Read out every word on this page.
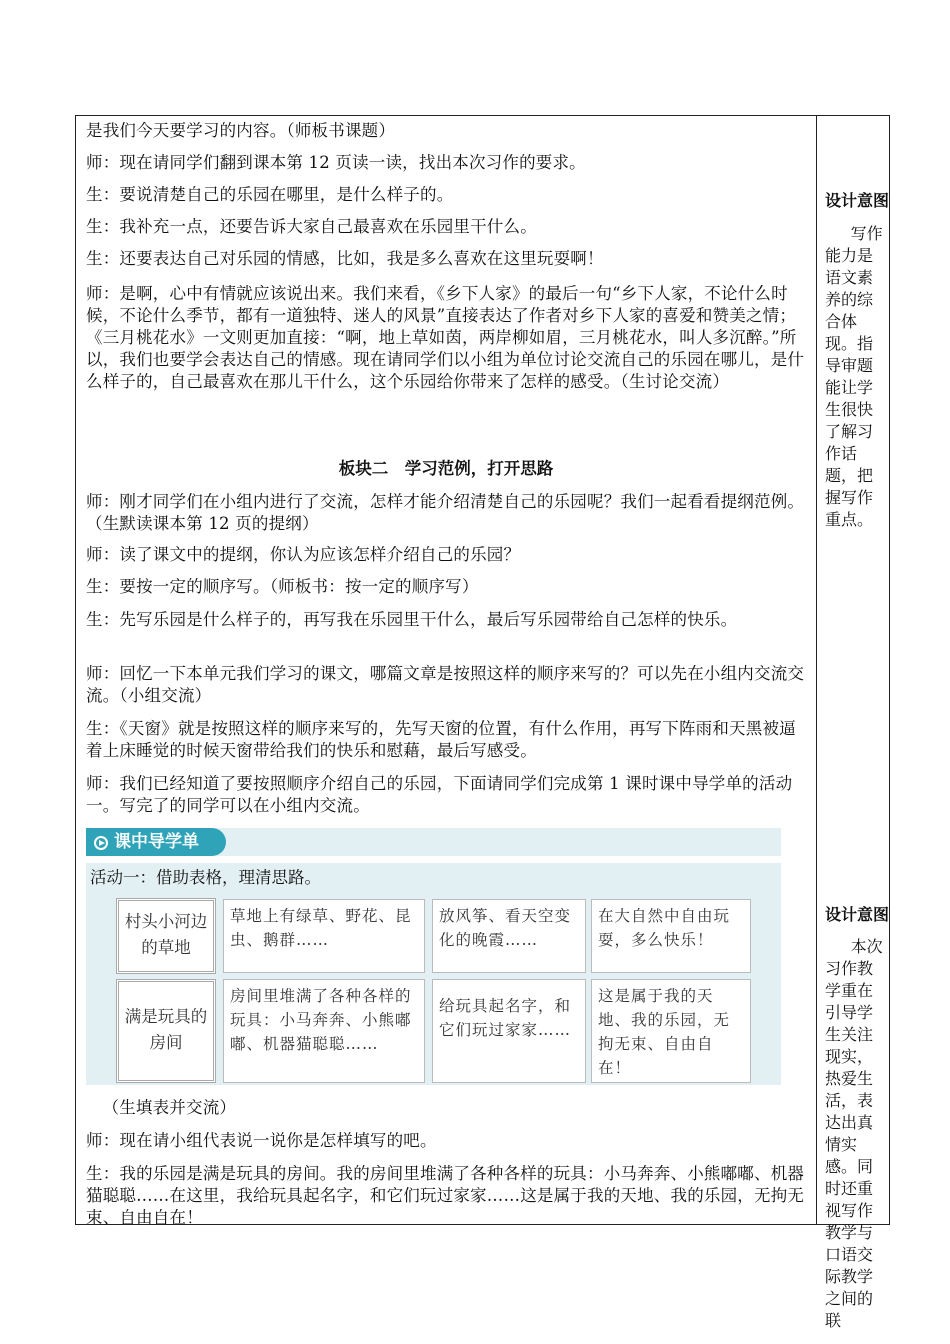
是我们今天要学习的内容。（师板书课题）
师：现在请同学们翻到课本第 12 页读一读，找出本次习作的要求。
生：要说清楚自己的乐园在哪里，是什么样子的。
生：我补充一点，还要告诉大家自己最喜欢在乐园里干什么。
生：还要表达自己对乐园的情感，比如，我是多么喜欢在这里玩耍啊！
师：是啊，心中有情就应该说出来。我们来看，《乡下人家》的最后一句“乡下人家，不论什么时候，不论什么季节，都有一道独特、迷人的风景”直接表达了作者对乡下人家的喜爱和赞美之情；《三月桃花水》一文则更加直接：“啊，地上草如茵，两岸柳如眉，三月桃花水，叫人多沉醉。”所以，我们也要学会表达自己的情感。现在请同学们以小组为单位讨论交流自己的乐园在哪儿，是什么样子的，自己最喜欢在那儿干什么，这个乐园给你带来了怎样的感受。（生讨论交流）
板块二　学习范例，打开思路
师：刚才同学们在小组内进行了交流，怎样才能介绍清楚自己的乐园呢？我们一起看看提纲范例。（生默读课本第 12 页的提纲）
师：读了课文中的提纲，你认为应该怎样介绍自己的乐园？
生：要按一定的顺序写。（师板书：按一定的顺序写）
生：先写乐园是什么样子的，再写我在乐园里干什么，最后写乐园带给自己怎样的快乐。
师：回忆一下本单元我们学习的课文，哪篇文章是按照这样的顺序来写的？可以先在小组内交流交流。（小组交流）
生：《天窗》就是按照这样的顺序来写的，先写天窗的位置，有什么作用，再写下阵雨和天黑被逼着上床睡觉的时候天窗带给我们的快乐和慰藉，最后写感受。
师：我们已经知道了要按照顺序介绍自己的乐园，下面请同学们完成第 1 课时课中导学单的活动一。写完了的同学可以在小组内交流。
课中导学单
活动一：借助表格，理清思路。
村头小河边的草地
草地上有绿草、野花、昆虫、鹅群……
放风筝、看天空变化的晚霞……
在大自然中自由玩耍，多么快乐！
满是玩具的房间
房间里堆满了各种各样的玩具：小马奔奔、小熊嘟嘟、机器猫聪聪……
给玩具起名字，和它们玩过家家……
这是属于我的天地、我的乐园，无拘无束、自由自在！
（生填表并交流）
师：现在请小组代表说一说你是怎样填写的吧。
生：我的乐园是满是玩具的房间。我的房间里堆满了各种各样的玩具：小马奔奔、小熊嘟嘟、机器猫聪聪……在这里，我给玩具起名字，和它们玩过家家……这是属于我的天地、我的乐园，无拘无束、自由自在！
设计意图
写作能力是语文素养的综合体现。指导审题能让学生很快了解习作话题，把握写作重点。
设计意图
本次习作教学重在引导学生关注现实，热爱生活，表达出真情实感。同时还重视写作教学与口语交际教学之间的联
